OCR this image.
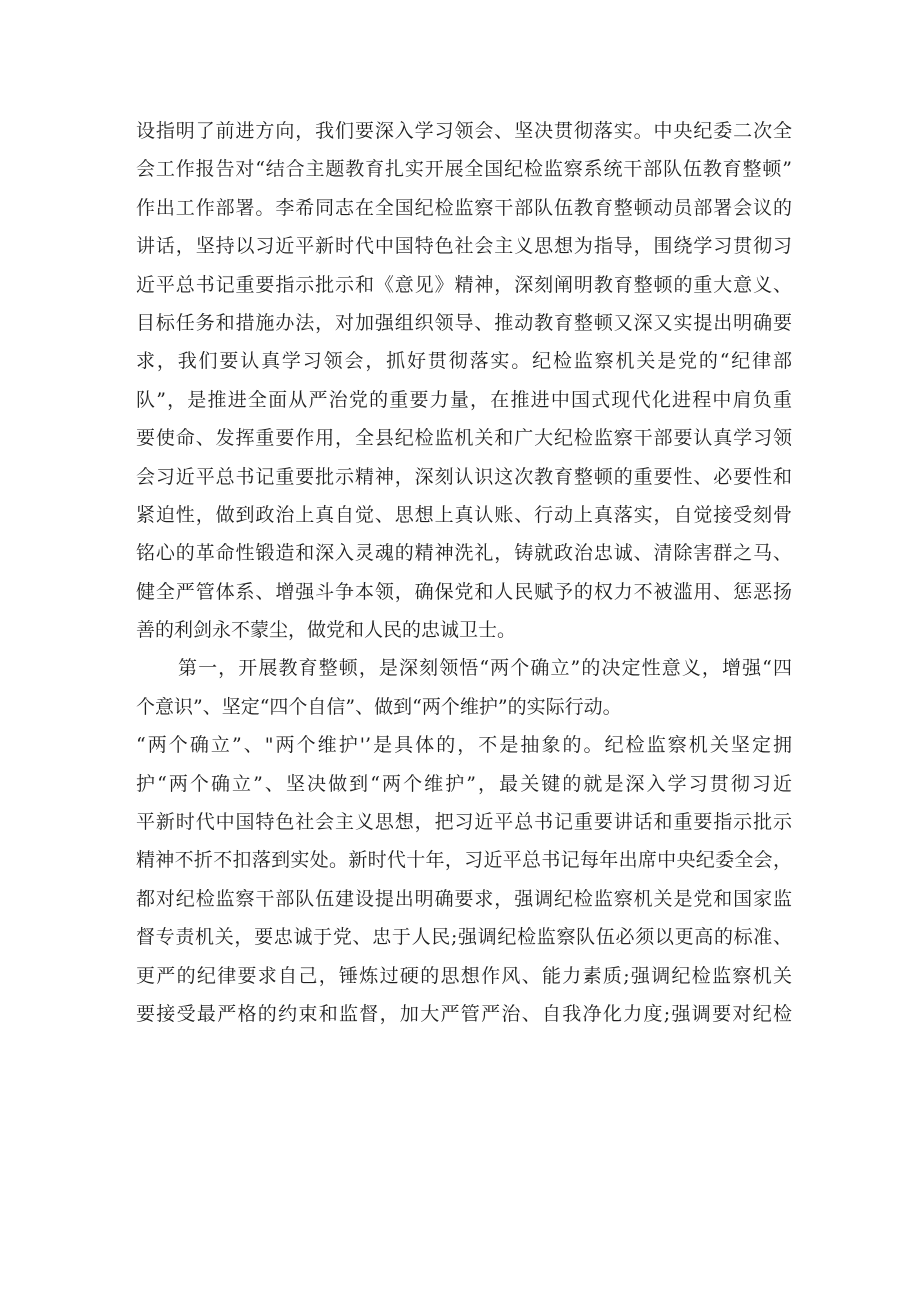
设指明了前进方向，我们要深入学习领会、坚决贯彻落实。中央纪委二次全
会工作报告对“结合主题教育扎实开展全国纪检监察系统干部队伍教育整顿”
作出工作部署。李希同志在全国纪检监察干部队伍教育整顿动员部署会议的
讲话，坚持以习近平新时代中国特色社会主义思想为指导，围绕学习贯彻习
近平总书记重要指示批示和《意见》精神，深刻阐明教育整顿的重大意义、
目标任务和措施办法，对加强组织领导、推动教育整顿又深又实提出明确要
求，我们要认真学习领会，抓好贯彻落实。纪检监察机关是党的“纪律部
队”，是推进全面从严治党的重要力量，在推进中国式现代化进程中肩负重
要使命、发挥重要作用，全县纪检监机关和广大纪检监察干部要认真学习领
会习近平总书记重要批示精神，深刻认识这次教育整顿的重要性、必要性和
紧迫性，做到政治上真自觉、思想上真认账、行动上真落实，自觉接受刻骨
铭心的革命性锻造和深入灵魂的精神洗礼，铸就政治忠诚、清除害群之马、
健全严管体系、增强斗争本领，确保党和人民赋予的权力不被滥用、惩恶扬
善的利剑永不蒙尘，做党和人民的忠诚卫士。
第一，开展教育整顿，是深刻领悟“两个确立”的决定性意义，增强“四
个意识”、坚定“四个自信”、做到“两个维护”的实际行动。
“两个确立”、"两个维护'’是具体的，不是抽象的。纪检监察机关坚定拥
护“两个确立”、坚决做到“两个维护”，最关键的就是深入学习贯彻习近
平新时代中国特色社会主义思想，把习近平总书记重要讲话和重要指示批示
精神不折不扣落到实处。新时代十年，习近平总书记每年出席中央纪委全会，
都对纪检监察干部队伍建设提出明确要求，强调纪检监察机关是党和国家监
督专责机关，要忠诚于党、忠于人民;强调纪检监察队伍必须以更高的标准、
更严的纪律要求自己，锤炼过硬的思想作风、能力素质;强调纪检监察机关
要接受最严格的约束和监督，加大严管严治、自我净化力度;强调要对纪检
